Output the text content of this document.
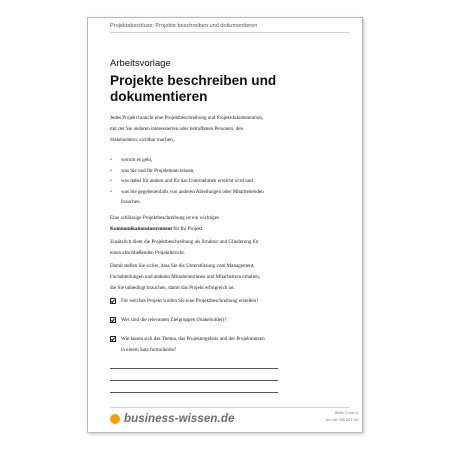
Projektabschluss: Projekte beschreiben und dokumentieren
Arbeitsvorlage
Projekte beschreiben und dokumentieren

Jedes Projekt braucht eine Projektbeschreibung und Projektdokumentation,

mit der Sie anderen interessierten oder betroffenen Personen, den

Stakeholdern, sichtbar machen,

• worum es geht,
• was Sie und Ihr Projektteam leisten,
• was dabei für andere und für das Unternehmen erreicht wird und
• was Sie gegebenenfalls von anderen Abteilungen oder Mitarbeitenden
brauchen.

Eine schlüssige Projektbeschreibung ist ein wichtiges

Kommunikationsinstrument für Ihr Projekt.

Zusätzlich dient die Projektbeschreibung als Struktur und Gliederung für

einen abschließenden Projektbericht.

Damit stellen Sie sicher, dass Sie die Unterstützung vom Management,

Fachabteilungen und anderen Mitarbeiterinnen und Mitarbeitern erhalten,

die Sie unbedingt brauchen, damit das Projekt erfolgreich ist.

Für welches Projekt wollen Sie eine Projektbeschreibung erstellen?
Wer sind die relevanten Zielgruppen (Stakeholder)?
Wie lassen sich das Thema, das Projektergebnis und der Projektnutzen
in einem Satz formulieren?
business-wissen.de
Seite 1 von 3
Art.-Nr. SB.007.04
